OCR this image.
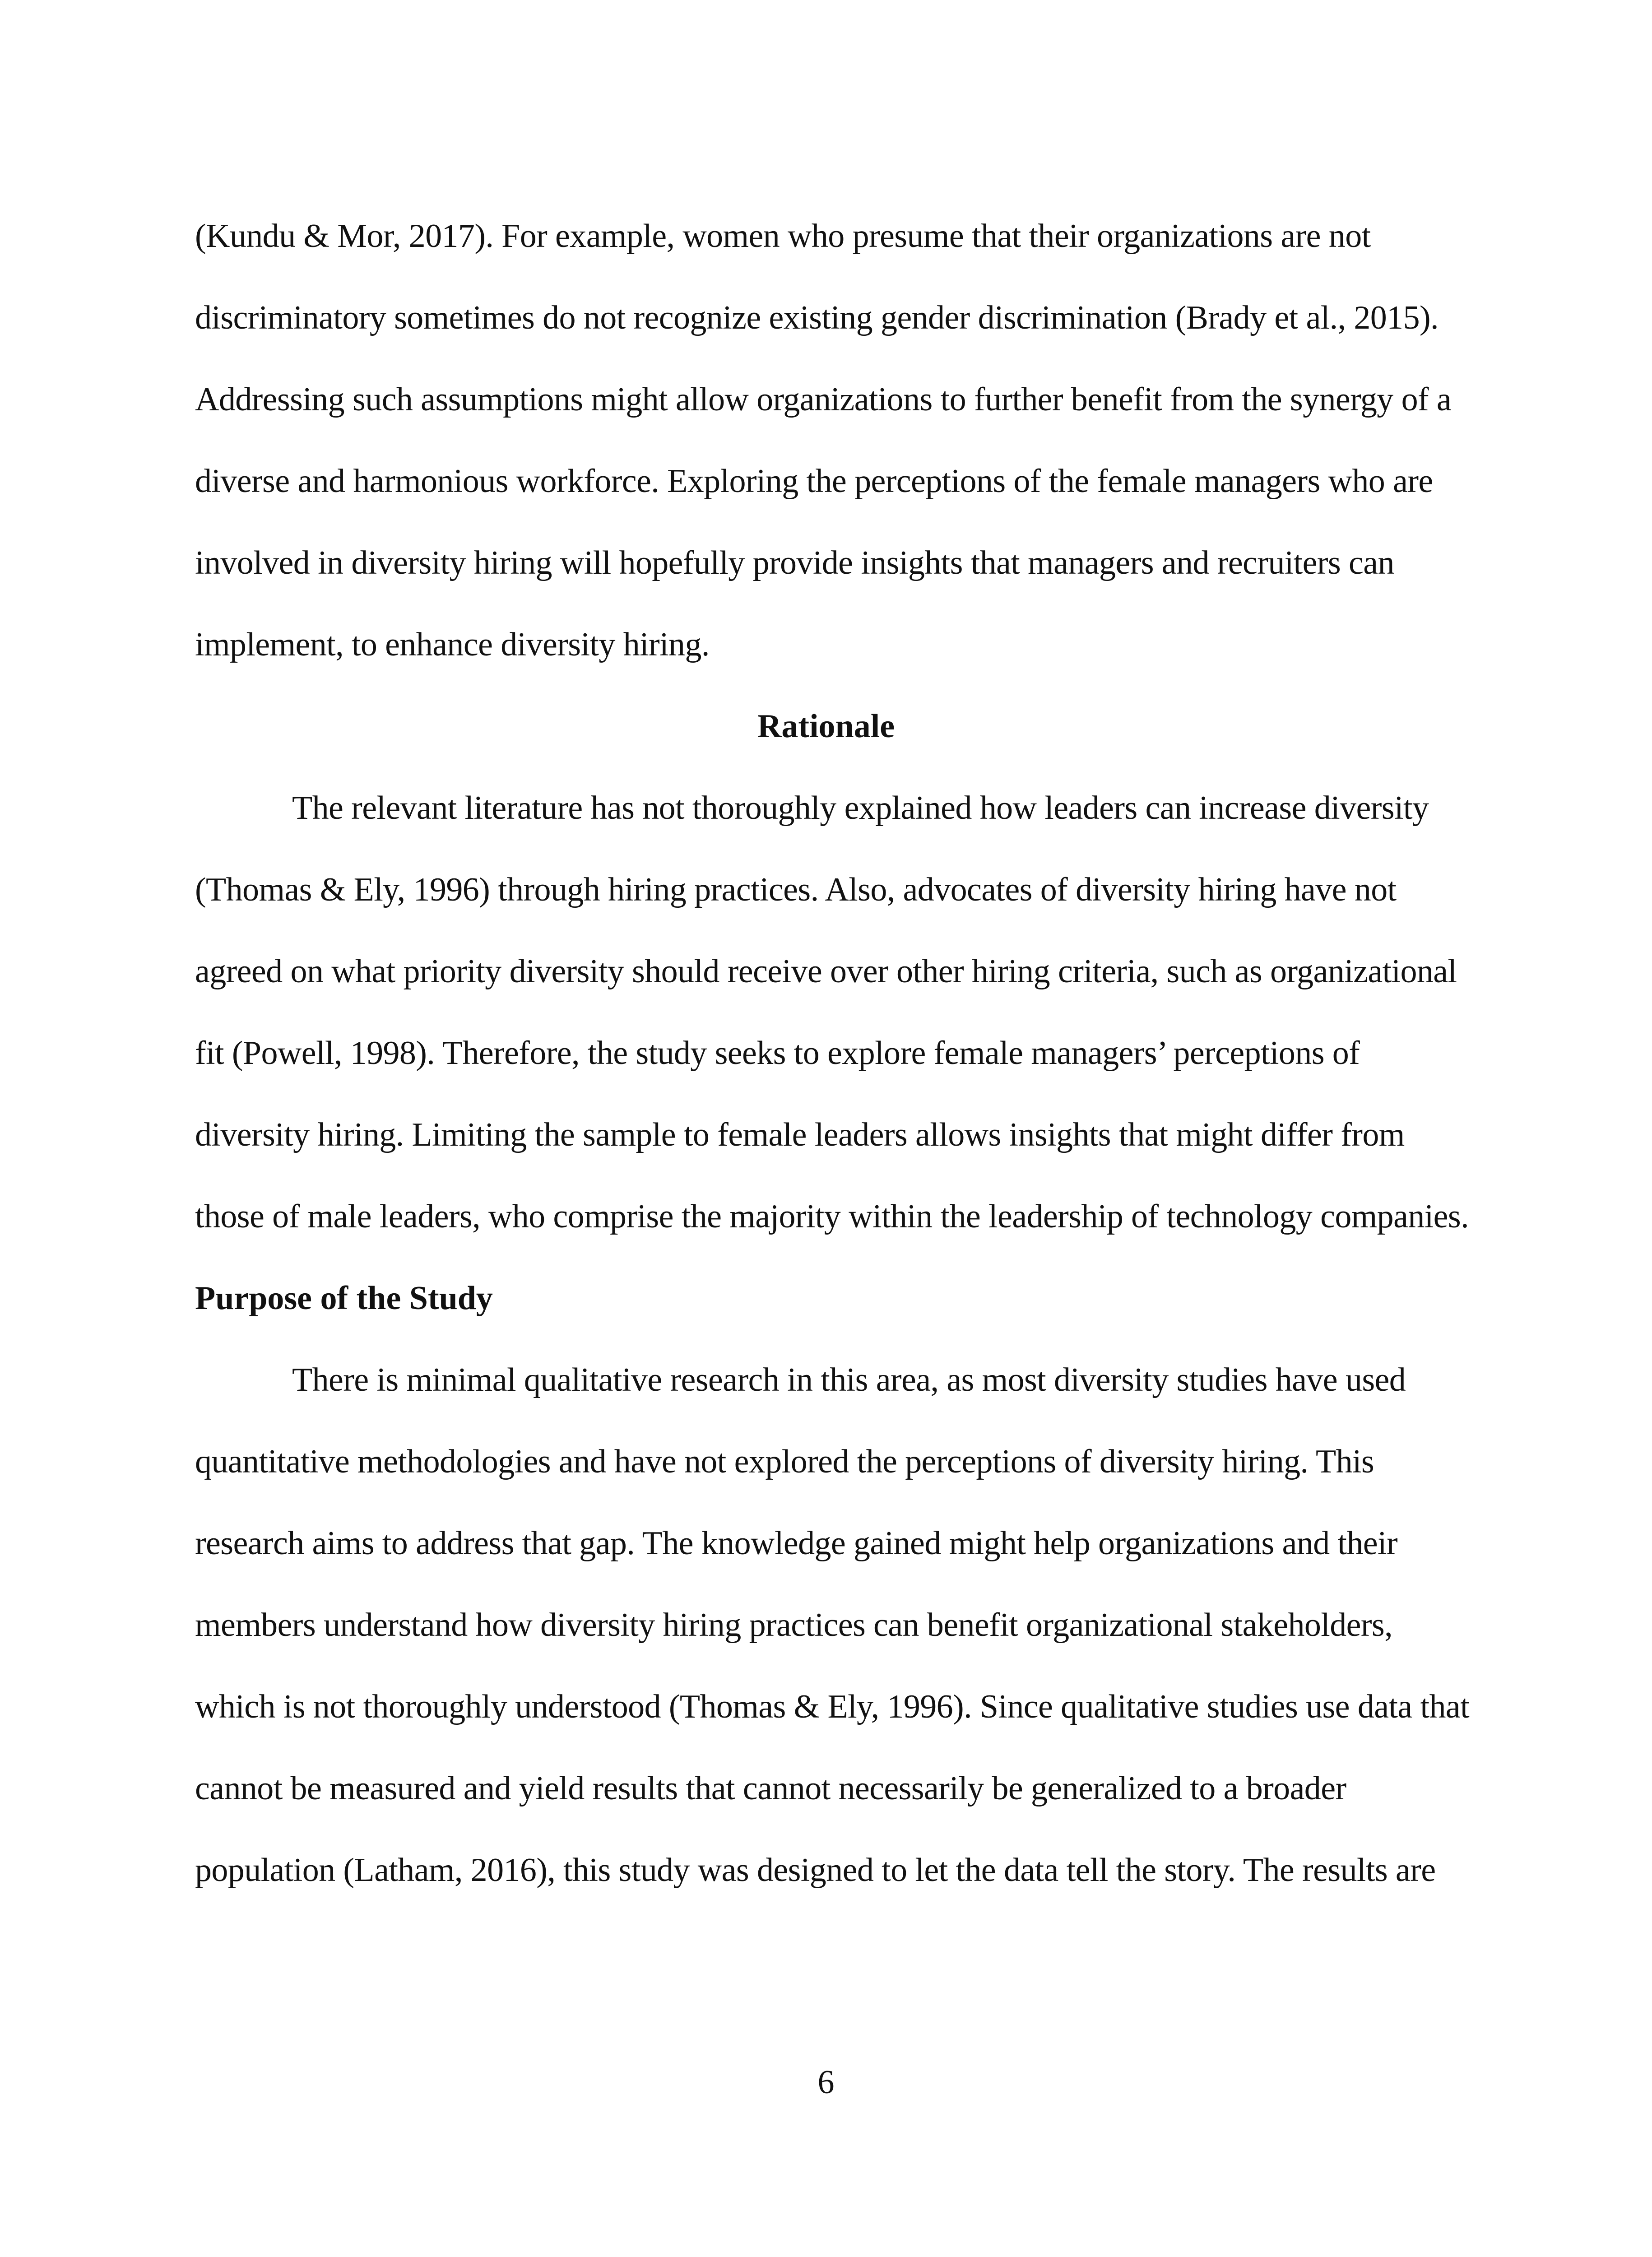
(Kundu & Mor, 2017). For example, women who presume that their organizations are not
discriminatory sometimes do not recognize existing gender discrimination (Brady et al., 2015).
Addressing such assumptions might allow organizations to further benefit from the synergy of a
diverse and harmonious workforce. Exploring the perceptions of the female managers who are
involved in diversity hiring will hopefully provide insights that managers and recruiters can
implement, to enhance diversity hiring.
Rationale
The relevant literature has not thoroughly explained how leaders can increase diversity
(Thomas & Ely, 1996) through hiring practices. Also, advocates of diversity hiring have not
agreed on what priority diversity should receive over other hiring criteria, such as organizational
fit (Powell, 1998). Therefore, the study seeks to explore female managers’ perceptions of
diversity hiring. Limiting the sample to female leaders allows insights that might differ from
those of male leaders, who comprise the majority within the leadership of technology companies.
Purpose of the Study
There is minimal qualitative research in this area, as most diversity studies have used
quantitative methodologies and have not explored the perceptions of diversity hiring. This
research aims to address that gap. The knowledge gained might help organizations and their
members understand how diversity hiring practices can benefit organizational stakeholders,
which is not thoroughly understood (Thomas & Ely, 1996). Since qualitative studies use data that
cannot be measured and yield results that cannot necessarily be generalized to a broader
population (Latham, 2016), this study was designed to let the data tell the story. The results are
6
